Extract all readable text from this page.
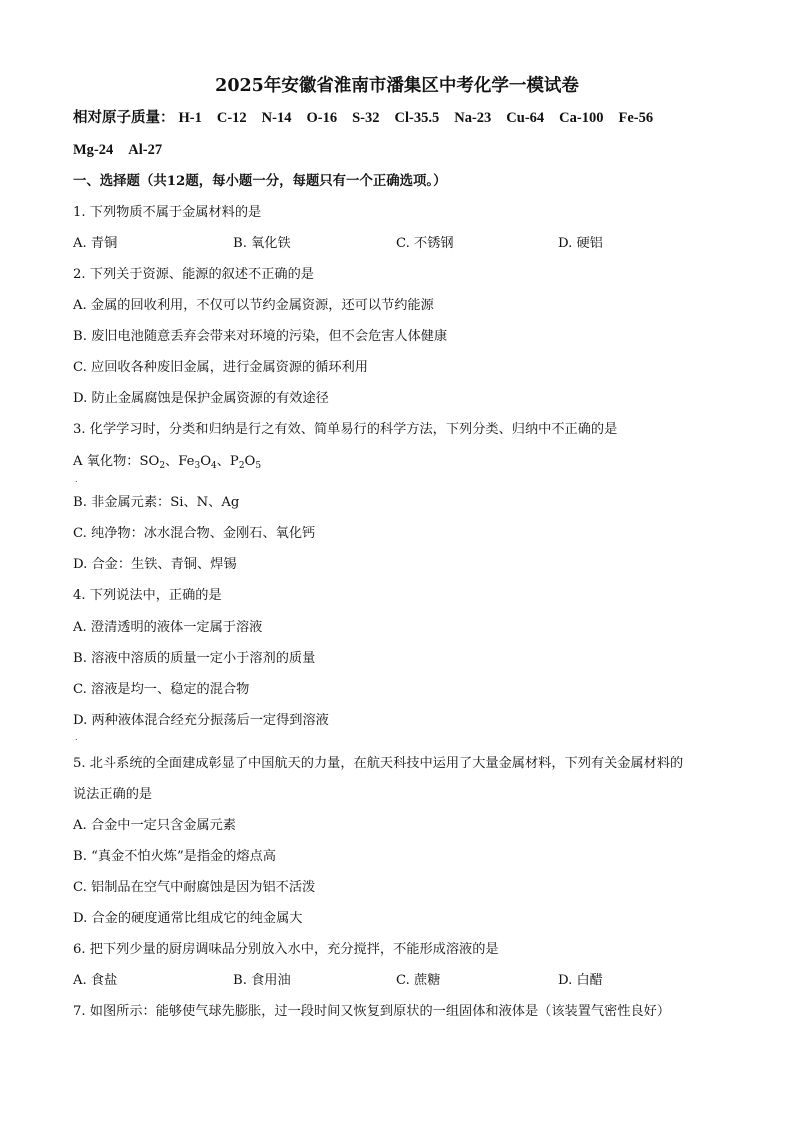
2025年安徽省淮南市潘集区中考化学一模试卷
相对原子质量： H-1 C-12 N-14 O-16 S-32 Cl-35.5 Na-23 Cu-64 Ca-100 Fe-56
Mg-24 Al-27
一、选择题（共12题，每小题一分，每题只有一个正确选项。）
1. 下列物质不属于金属材料的是
A. 青铜	B. 氧化铁	C. 不锈钢	D. 硬铝
2. 下列关于资源、能源的叙述不正确的是
A. 金属的回收利用，不仅可以节约金属资源，还可以节约能源
B. 废旧电池随意丢弃会带来对环境的污染，但不会危害人体健康
C. 应回收各种废旧金属，进行金属资源的循环利用
D. 防止金属腐蚀是保护金属资源的有效途径
3. 化学学习时，分类和归纳是行之有效、简单易行的科学方法，下列分类、归纳中不正确的是
A 氧化物：$SO_2$、$Fe_3O_4$、$P_2O_5$
.
B. 非金属元素：Si、N、Ag
C. 纯净物：冰水混合物、金刚石、氧化钙
D. 合金：生铁、青铜、焊锡
4. 下列说法中，正确的是
A. 澄清透明的液体一定属于溶液
B. 溶液中溶质的质量一定小于溶剂的质量
C. 溶液是均一、稳定的混合物
D. 两种液体混合经充分振荡后一定得到溶液
.
5. 北斗系统的全面建成彰显了中国航天的力量，在航天科技中运用了大量金属材料，下列有关金属材料的
说法正确的是
A. 合金中一定只含金属元素
B. “真金不怕火炼”是指金的熔点高
C. 铝制品在空气中耐腐蚀是因为铝不活泼
D. 合金的硬度通常比组成它的纯金属大
6. 把下列少量的厨房调味品分别放入水中，充分搅拌，不能形成溶液的是
A. 食盐	B. 食用油	C. 蔗糖	D. 白醋
7. 如图所示：能够使气球先膨胀，过一段时间又恢复到原状的一组固体和液体是（该装置气密性良好）
